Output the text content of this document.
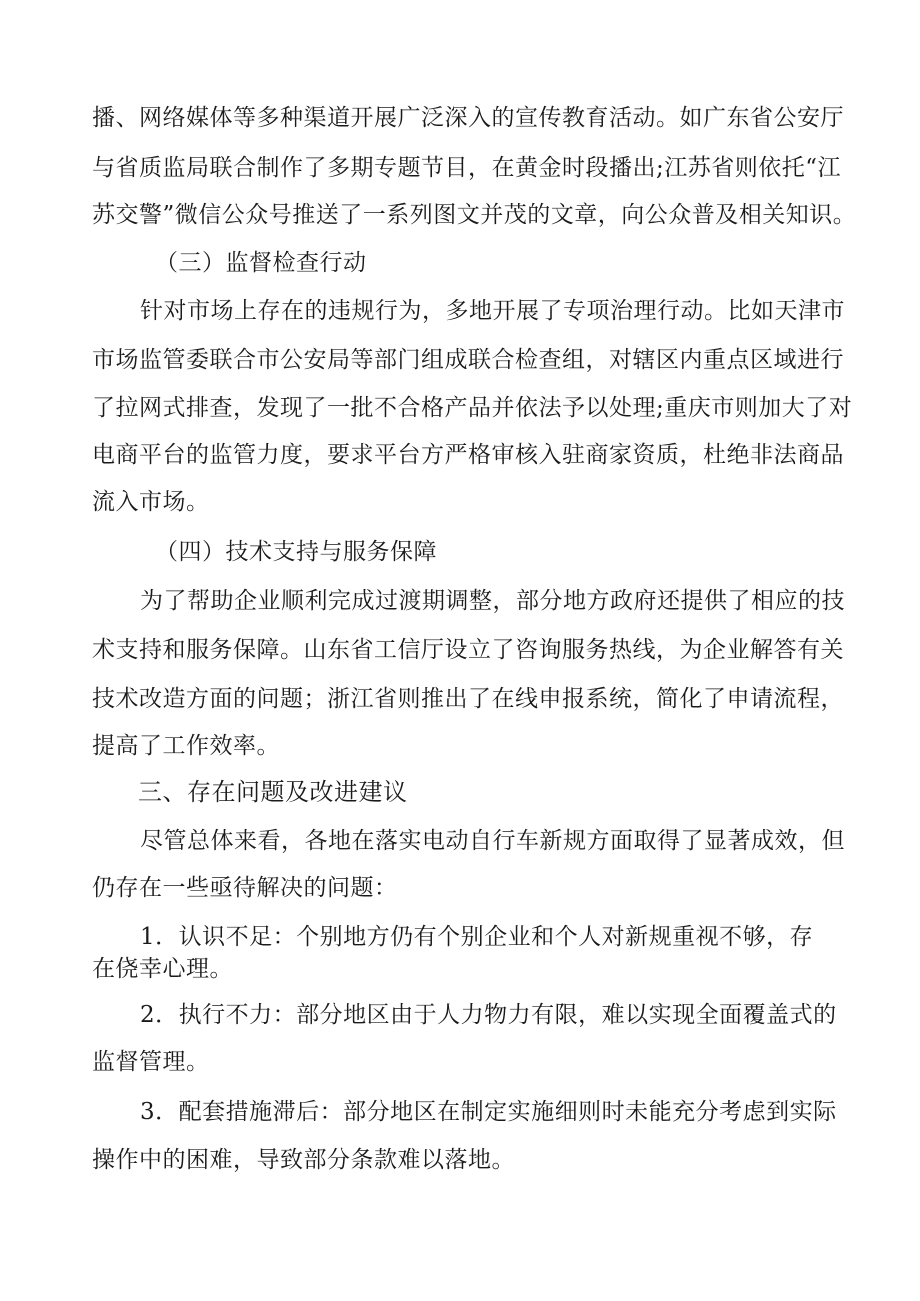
播、网络媒体等多种渠道开展广泛深入的宣传教育活动。如广东省公安厅
与省质监局联合制作了多期专题节目，在黄金时段播出;江苏省则依托“江
苏交警”微信公众号推送了一系列图文并茂的文章，向公众普及相关知识。
（三）监督检查行动
针对市场上存在的违规行为，多地开展了专项治理行动。比如天津市
市场监管委联合市公安局等部门组成联合检查组，对辖区内重点区域进行
了拉网式排查，发现了一批不合格产品并依法予以处理;重庆市则加大了对
电商平台的监管力度，要求平台方严格审核入驻商家资质，杜绝非法商品
流入市场。
（四）技术支持与服务保障
为了帮助企业顺利完成过渡期调整，部分地方政府还提供了相应的技
术支持和服务保障。山东省工信厅设立了咨询服务热线，为企业解答有关
技术改造方面的问题；浙江省则推出了在线申报系统，简化了申请流程，
提高了工作效率。
三、存在问题及改进建议
尽管总体来看，各地在落实电动自行车新规方面取得了显著成效，但
仍存在一些亟待解决的问题：
1．认识不足：个别地方仍有个别企业和个人对新规重视不够，存
在侥幸心理。
2．执行不力：部分地区由于人力物力有限，难以实现全面覆盖式的
监督管理。
3．配套措施滞后：部分地区在制定实施细则时未能充分考虑到实际
操作中的困难，导致部分条款难以落地。
